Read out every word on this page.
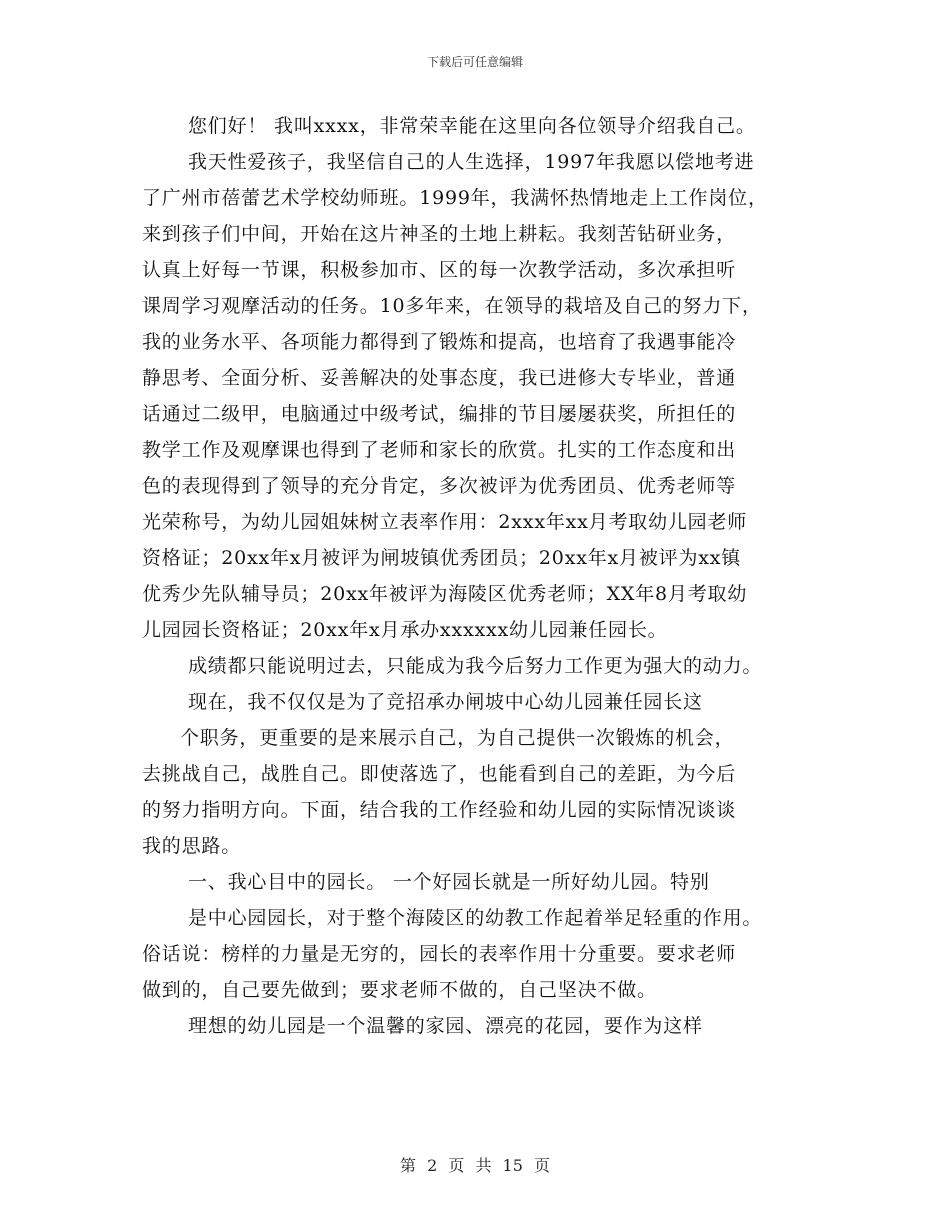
下载后可任意编辑
您们好！ 我叫xxxx，非常荣幸能在这里向各位领导介绍我自己。
我天性爱孩子，我坚信自己的人生选择，1997年我愿以偿地考进
了广州市蓓蕾艺术学校幼师班。1999年，我满怀热情地走上工作岗位，
来到孩子们中间，开始在这片神圣的土地上耕耘。我刻苦钻研业务，
认真上好每一节课，积极参加市、区的每一次教学活动，多次承担听
课周学习观摩活动的任务。10多年来，在领导的栽培及自己的努力下，
我的业务水平、各项能力都得到了锻炼和提高，也培育了我遇事能冷
静思考、全面分析、妥善解决的处事态度，我已进修大专毕业，普通
话通过二级甲，电脑通过中级考试，编排的节目屡屡获奖，所担任的
教学工作及观摩课也得到了老师和家长的欣赏。扎实的工作态度和出
色的表现得到了领导的充分肯定，多次被评为优秀团员、优秀老师等
光荣称号，为幼儿园姐妹树立表率作用：2xxx年xx月考取幼儿园老师
资格证；20xx年x月被评为闸坡镇优秀团员；20xx年x月被评为xx镇
优秀少先队辅导员；20xx年被评为海陵区优秀老师；XX年8月考取幼
儿园园长资格证；20xx年x月承办xxxxxx幼儿园兼任园长。
成绩都只能说明过去，只能成为我今后努力工作更为强大的动力。
现在，我不仅仅是为了竞招承办闸坡中心幼儿园兼任园长这
个职务，更重要的是来展示自己，为自己提供一次锻炼的机会，
去挑战自己，战胜自己。即使落选了，也能看到自己的差距，为今后
的努力指明方向。下面，结合我的工作经验和幼儿园的实际情况谈谈
我的思路。
一、我心目中的园长。 一个好园长就是一所好幼儿园。特别
是中心园园长，对于整个海陵区的幼教工作起着举足轻重的作用。
俗话说：榜样的力量是无穷的，园长的表率作用十分重要。要求老师
做到的，自己要先做到；要求老师不做的，自己坚决不做。
理想的幼儿园是一个温馨的家园、漂亮的花园，要作为这样
第 2 页 共 15 页
